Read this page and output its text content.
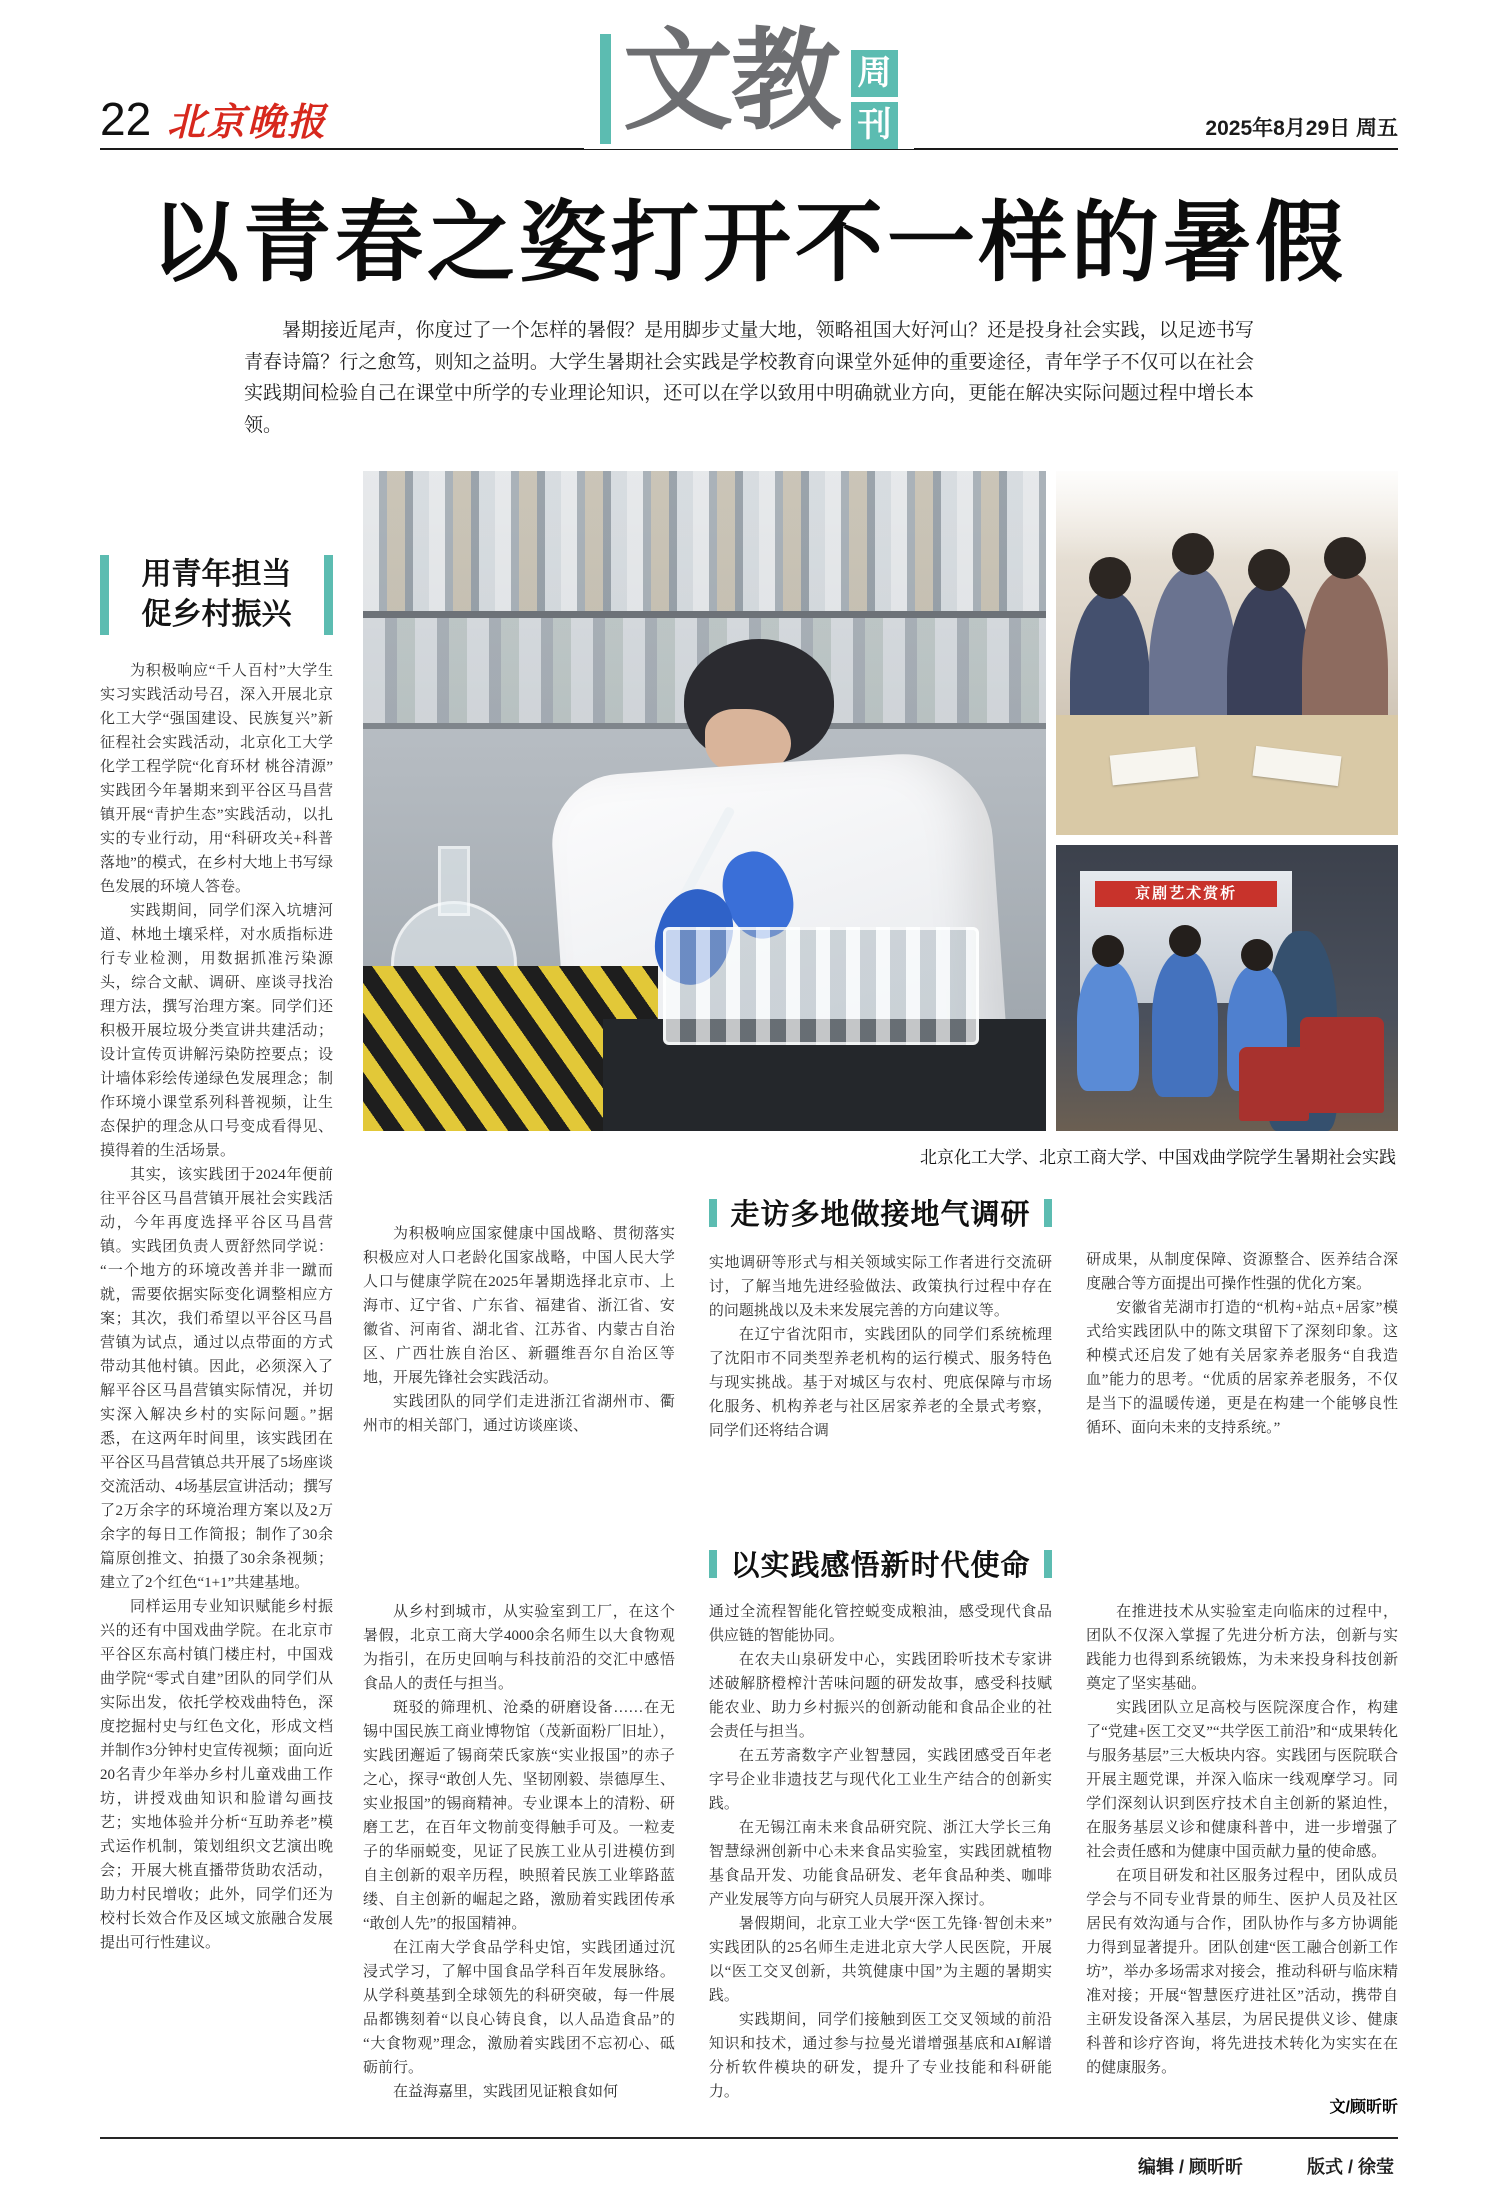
22 北京晚报	文教 周
刊	2025年8月29日 周五
以青春之姿打开不一样的暑假

暑期接近尾声，你度过了一个怎样的暑假？是用脚步丈量大地，领略祖国大好河山？还是投身社会实践，以足迹书写青春诗篇？行之愈笃，则知之益明。大学生暑期社会实践是学校教育向课堂外延伸的重要途径，青年学子不仅可以在社会实践期间检验自己在课堂中所学的专业理论知识，还可以在学以致用中明确就业方向，更能在解决实际问题过程中增长本领。

用青年担当
促乡村振兴

为积极响应“千人百村”大学生实习实践活动号召，深入开展北京化工大学“强国建设、民族复兴”新征程社会实践活动，北京化工大学化学工程学院“化育环材 桃谷清源”实践团今年暑期来到平谷区马昌营镇开展“青护生态”实践活动，以扎实的专业行动，用“科研攻关+科普落地”的模式，在乡村大地上书写绿色发展的环境人答卷。

实践期间，同学们深入坑塘河道、林地土壤采样，对水质指标进行专业检测，用数据抓准污染源头，综合文献、调研、座谈寻找治理方法，撰写治理方案。同学们还积极开展垃圾分类宣讲共建活动；设计宣传页讲解污染防控要点；设计墙体彩绘传递绿色发展理念；制作环境小课堂系列科普视频，让生态保护的理念从口号变成看得见、摸得着的生活场景。

其实，该实践团于2024年便前往平谷区马昌营镇开展社会实践活动，今年再度选择平谷区马昌营镇。实践团负责人贾舒然同学说：“一个地方的环境改善并非一蹴而就，需要依据实际变化调整相应方案；其次，我们希望以平谷区马昌营镇为试点，通过以点带面的方式带动其他村镇。因此，必须深入了解平谷区马昌营镇实际情况，并切实深入解决乡村的实际问题。”据悉，在这两年时间里，该实践团在平谷区马昌营镇总共开展了5场座谈交流活动、4场基层宣讲活动；撰写了2万余字的环境治理方案以及2万余字的每日工作简报；制作了30余篇原创推文、拍摄了30余条视频；建立了2个红色“1+1”共建基地。

同样运用专业知识赋能乡村振兴的还有中国戏曲学院。在北京市平谷区东高村镇门楼庄村，中国戏曲学院“零式自建”团队的同学们从实际出发，依托学校戏曲特色，深度挖掘村史与红色文化，形成文档并制作3分钟村史宣传视频；面向近20名青少年举办乡村儿童戏曲工作坊，讲授戏曲知识和脸谱勾画技艺；实地体验并分析“互助养老”模式运作机制，策划组织文艺演出晚会；开展大桃直播带货助农活动，助力村民增收；此外，同学们还为校村长效合作及区域文旅融合发展提出可行性建议。

京剧艺术赏析
北京化工大学、北京工商大学、中国戏曲学院学生暑期社会实践

为积极响应国家健康中国战略、贯彻落实积极应对人口老龄化国家战略，中国人民大学人口与健康学院在2025年暑期选择北京市、上海市、辽宁省、广东省、福建省、浙江省、安徽省、河南省、湖北省、江苏省、内蒙古自治区、广西壮族自治区、新疆维吾尔自治区等地，开展先锋社会实践活动。

实践团队的同学们走进浙江省湖州市、衢州市的相关部门，通过访谈座谈、

从乡村到城市，从实验室到工厂，在这个暑假，北京工商大学4000余名师生以大食物观为指引，在历史回响与科技前沿的交汇中感悟食品人的责任与担当。

斑驳的筛理机、沧桑的研磨设备……在无锡中国民族工商业博物馆（茂新面粉厂旧址），实践团邂逅了锡商荣氏家族“实业报国”的赤子之心，探寻“敢创人先、坚韧刚毅、崇德厚生、实业报国”的锡商精神。专业课本上的清粉、研磨工艺，在百年文物前变得触手可及。一粒麦子的华丽蜕变，见证了民族工业从引进模仿到自主创新的艰辛历程，映照着民族工业筚路蓝缕、自主创新的崛起之路，激励着实践团传承“敢创人先”的报国精神。

在江南大学食品学科史馆，实践团通过沉浸式学习，了解中国食品学科百年发展脉络。从学科奠基到全球领先的科研突破，每一件展品都镌刻着“以良心铸良食，以人品造食品”的“大食物观”理念，激励着实践团不忘初心、砥砺前行。

在益海嘉里，实践团见证粮食如何

走访多地做接地气调研

实地调研等形式与相关领域实际工作者进行交流研讨，了解当地先进经验做法、政策执行过程中存在的问题挑战以及未来发展完善的方向建议等。

在辽宁省沈阳市，实践团队的同学们系统梳理了沈阳市不同类型养老机构的运行模式、服务特色与现实挑战。基于对城区与农村、兜底保障与市场化服务、机构养老与社区居家养老的全景式考察，同学们还将结合调

以实践感悟新时代使命

通过全流程智能化管控蜕变成粮油，感受现代食品供应链的智能协同。

在农夫山泉研发中心，实践团聆听技术专家讲述破解脐橙榨汁苦味问题的研发故事，感受科技赋能农业、助力乡村振兴的创新动能和食品企业的社会责任与担当。

在五芳斋数字产业智慧园，实践团感受百年老字号企业非遗技艺与现代化工业生产结合的创新实践。

在无锡江南未来食品研究院、浙江大学长三角智慧绿洲创新中心未来食品实验室，实践团就植物基食品开发、功能食品研发、老年食品种类、咖啡产业发展等方向与研究人员展开深入探讨。

暑假期间，北京工业大学“医工先锋·智创未来”实践团队的25名师生走进北京大学人民医院，开展以“医工交叉创新，共筑健康中国”为主题的暑期实践。

实践期间，同学们接触到医工交叉领域的前沿知识和技术，通过参与拉曼光谱增强基底和AI解谱分析软件模块的研发，提升了专业技能和科研能力。

研成果，从制度保障、资源整合、医养结合深度融合等方面提出可操作性强的优化方案。

安徽省芜湖市打造的“机构+站点+居家”模式给实践团队中的陈文琪留下了深刻印象。这种模式还启发了她有关居家养老服务“自我造血”能力的思考。“优质的居家养老服务，不仅是当下的温暖传递，更是在构建一个能够良性循环、面向未来的支持系统。”

在推进技术从实验室走向临床的过程中，团队不仅深入掌握了先进分析方法，创新与实践能力也得到系统锻炼，为未来投身科技创新奠定了坚实基础。

实践团队立足高校与医院深度合作，构建了“党建+医工交叉”“共学医工前沿”和“成果转化与服务基层”三大板块内容。实践团与医院联合开展主题党课，并深入临床一线观摩学习。同学们深刻认识到医疗技术自主创新的紧迫性，在服务基层义诊和健康科普中，进一步增强了社会责任感和为健康中国贡献力量的使命感。

在项目研发和社区服务过程中，团队成员学会与不同专业背景的师生、医护人员及社区居民有效沟通与合作，团队协作与多方协调能力得到显著提升。团队创建“医工融合创新工作坊”，举办多场需求对接会，推动科研与临床精准对接；开展“智慧医疗进社区”活动，携带自主研发设备深入基层，为居民提供义诊、健康科普和诊疗咨询，将先进技术转化为实实在在的健康服务。

文/顾昕昕
编辑 / 顾昕昕	版式 / 徐莹
